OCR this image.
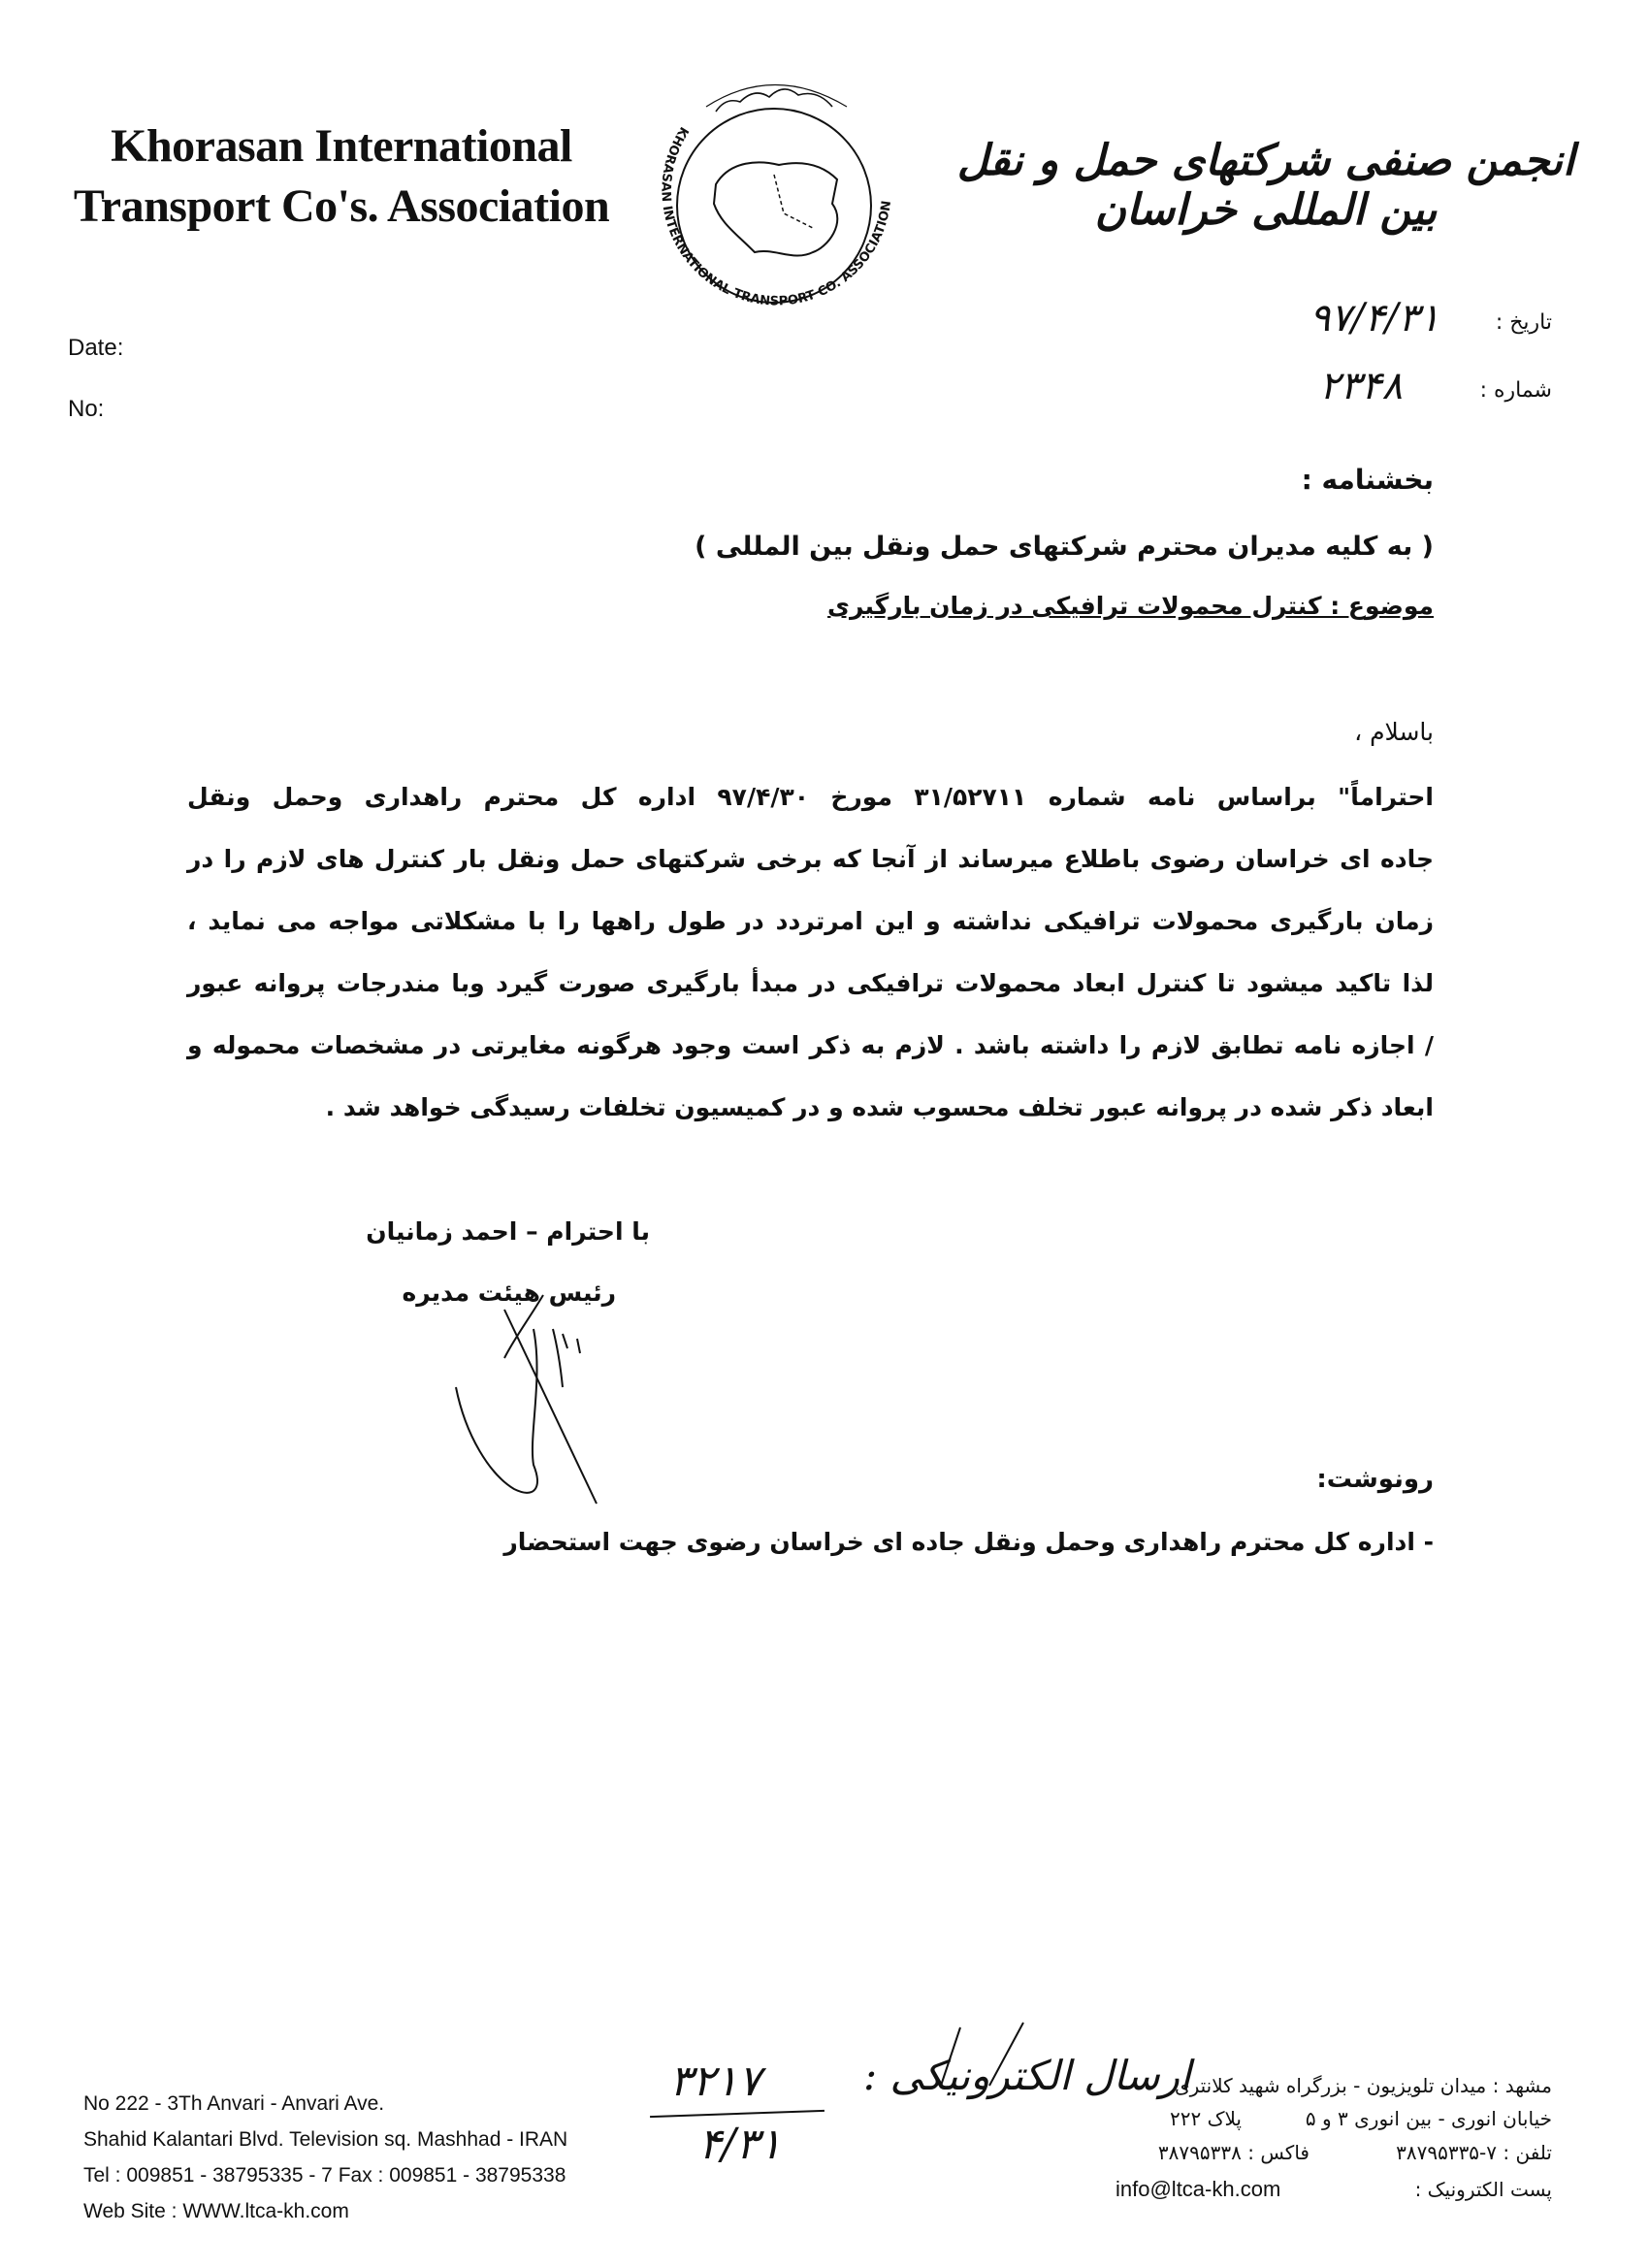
Khorasan International
Transport Co's. Association
KHORASAN INTERNATIONAL TRANSPORT CO. ASSOCIATION
انجمن صنفی شرکتهای حمل و نقل بین المللی خراسان
Date:
No:
تاریخ :
۹۷/۴/۳۱
شماره :
۲۳۴۸
بخشنامه :
( به کلیه مدیران محترم شرکتهای حمل ونقل بین المللی )
موضوع : کنترل محمولات ترافیکی در زمان بارگیری
باسلام ،
احتراماً" براساس نامه شماره ۳۱/۵۲۷۱۱ مورخ ۹۷/۴/۳۰ اداره کل محترم راهداری وحمل ونقل
جاده ای خراسان رضوی باطلاع میرساند از آنجا که برخی شرکتهای حمل ونقل بار کنترل های لازم را در
زمان بارگیری محمولات ترافیکی نداشته و این امرتردد در طول راهها را با مشکلاتی مواجه می نماید ،
لذا تاکید میشود تا کنترل ابعاد محمولات ترافیکی در مبدأ بارگیری صورت گیرد وبا مندرجات پروانه عبور
/ اجازه نامه تطابق لازم را داشته باشد . لازم به ذکر است وجود هرگونه مغایرتی در مشخصات محموله و
ابعاد ذکر شده در پروانه عبور تخلف محسوب شده و در کمیسیون تخلفات رسیدگی خواهد شد .
با احترام – احمد زمانیان
رئیس هیئت مدیره
رونوشت:
- اداره کل محترم راهداری وحمل ونقل جاده ای خراسان رضوی جهت استحضار
۳۲۱۷
۴/۳۱
ارسال الکترونیکی :
No 222 - 3Th Anvari - Anvari Ave.
Shahid Kalantari Blvd. Television sq. Mashhad - IRAN
Tel : 009851 - 38795335 - 7 Fax : 009851 - 38795338
Web Site : WWW.ltca-kh.com
مشهد : میدان تلویزیون - بزرگراه شهید کلانتری
خیابان انوری - بین انوری ۳ و ۵
پلاک ۲۲۲
تلفن : ۷-۳۸۷۹۵۳۳۵
فاکس : ۳۸۷۹۵۳۳۸
پست الکترونیک :
info@ltca-kh.com
